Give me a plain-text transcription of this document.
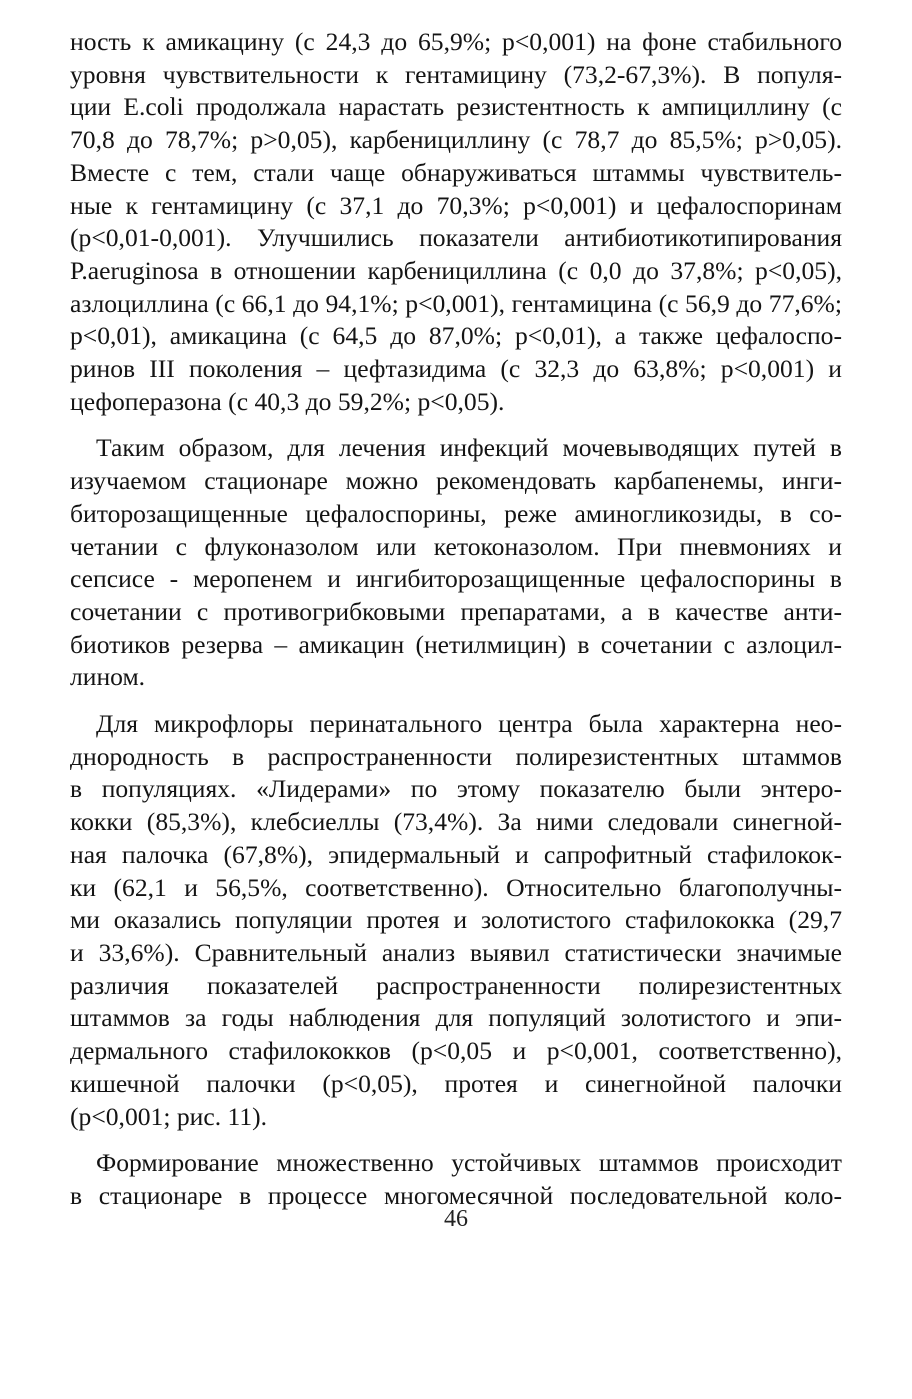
ность к амикацину (с 24,3 до 65,9%; р<0,001) на фоне стабильного
уровня чувствительности к гентамицину (73,2-67,3%). В популя-
ции E.coli продолжала нарастать резистентность к ампициллину (с
70,8 до 78,7%; р>0,05), карбенициллину (с 78,7 до 85,5%; р>0,05).
Вместе с тем, стали чаще обнаруживаться штаммы чувствитель-
ные к гентамицину (с 37,1 до 70,3%; р<0,001) и цефалоспоринам
(р<0,01-0,001). Улучшились показатели антибиотикотипирования
P.aeruginosa в отношении карбенициллина (с 0,0 до 37,8%; р<0,05),
азлоциллина (с 66,1 до 94,1%; р<0,001), гентамицина (с 56,9 до 77,6%;
р<0,01), амикацина (с 64,5 до 87,0%; р<0,01), а также цефалоспо-
ринов III поколения – цефтазидима (с 32,3 до 63,8%; р<0,001) и
цефоперазона (с 40,3 до 59,2%; р<0,05).

Таким образом, для лечения инфекций мочевыводящих путей в
изучаемом стационаре можно рекомендовать карбапенемы, инги-
биторозащищенные цефалоспорины, реже аминогликозиды, в со-
четании с флуконазолом или кетоконазолом. При пневмониях и
сепсисе - меропенем и ингибиторозащищенные цефалоспорины в
сочетании с противогрибковыми препаратами, а в качестве анти-
биотиков резерва – амикацин (нетилмицин) в сочетании с азлоцил-
лином.

Для микрофлоры перинатального центра была характерна нео-
днородность в распространенности полирезистентных штаммов
в популяциях. «Лидерами» по этому показателю были энтеро-
кокки (85,3%), клебсиеллы (73,4%). За ними следовали синегной-
ная палочка (67,8%), эпидермальный и сапрофитный стафилокок-
ки (62,1 и 56,5%, соответственно). Относительно благополучны-
ми оказались популяции протея и золотистого стафилококка (29,7
и 33,6%). Сравнительный анализ выявил статистически значимые
различия показателей распространенности полирезистентных
штаммов за годы наблюдения для популяций золотистого и эпи-
дермального стафилококков (р<0,05 и р<0,001, соответственно),
кишечной палочки (р<0,05), протея и синегнойной палочки
(р<0,001; рис. 11).

Формирование множественно устойчивых штаммов происходит
в стационаре в процессе многомесячной последовательной коло-

46
